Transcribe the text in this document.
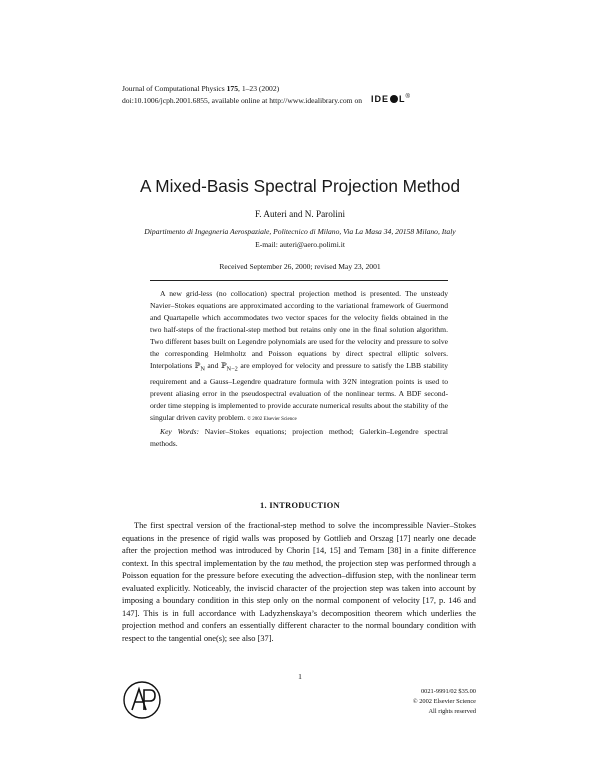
Journal of Computational Physics 175, 1–23 (2002)
doi:10.1006/jcph.2001.6855, available online at http://www.idealibrary.com on IDE L®
A Mixed-Basis Spectral Projection Method
F. Auteri and N. Parolini
Dipartimento di Ingegneria Aerospaziale, Politecnico di Milano, Via La Masa 34, 20158 Milano, Italy
E-mail: auteri@aero.polimi.it
Received September 26, 2000; revised May 23, 2001

A new grid-less (no collocation) spectral projection method is presented. The unsteady Navier–Stokes equations are approximated according to the variational framework of Guermond and Quartapelle which accommodates two vector spaces for the velocity fields obtained in the two half-steps of the fractional-step method but retains only one in the final solution algorithm. Two different bases built on Legendre polynomials are used for the velocity and pressure to solve the corresponding Helmholtz and Poisson equations by direct spectral elliptic solvers. Interpolations ℙ$_N$ and ℙ$_{N-2}$ are employed for velocity and pressure to satisfy the LBB stability requirement and a Gauss–Legendre quadrature formula with 3⁄2N integration points is used to prevent aliasing error in the pseudospectral evaluation of the nonlinear terms. A BDF second-order time stepping is implemented to provide accurate numerical results about the stability of the singular driven cavity problem. © 2002 Elsevier Science

Key Words: Navier–Stokes equations; projection method; Galerkin–Legendre spectral methods.

1. INTRODUCTION

The first spectral version of the fractional-step method to solve the incompressible Navier–Stokes equations in the presence of rigid walls was proposed by Gottlieb and Orszag [17] nearly one decade after the projection method was introduced by Chorin [14, 15] and Temam [38] in a finite difference context. In this spectral implementation by the tau method, the projection step was performed through a Poisson equation for the pressure before executing the advection–diffusion step, with the nonlinear term evaluated explicitly. Noticeably, the inviscid character of the projection step was taken into account by imposing a boundary condition in this step only on the normal component of velocity [17, p. 146 and 147]. This is in full accordance with Ladyzhenskaya’s decomposition theorem which underlies the projection method and confers an essentially different character to the normal boundary condition with respect to the tangential one(s); see also [37].

1
0021-9991/02 $35.00
© 2002 Elsevier Science
All rights reserved
